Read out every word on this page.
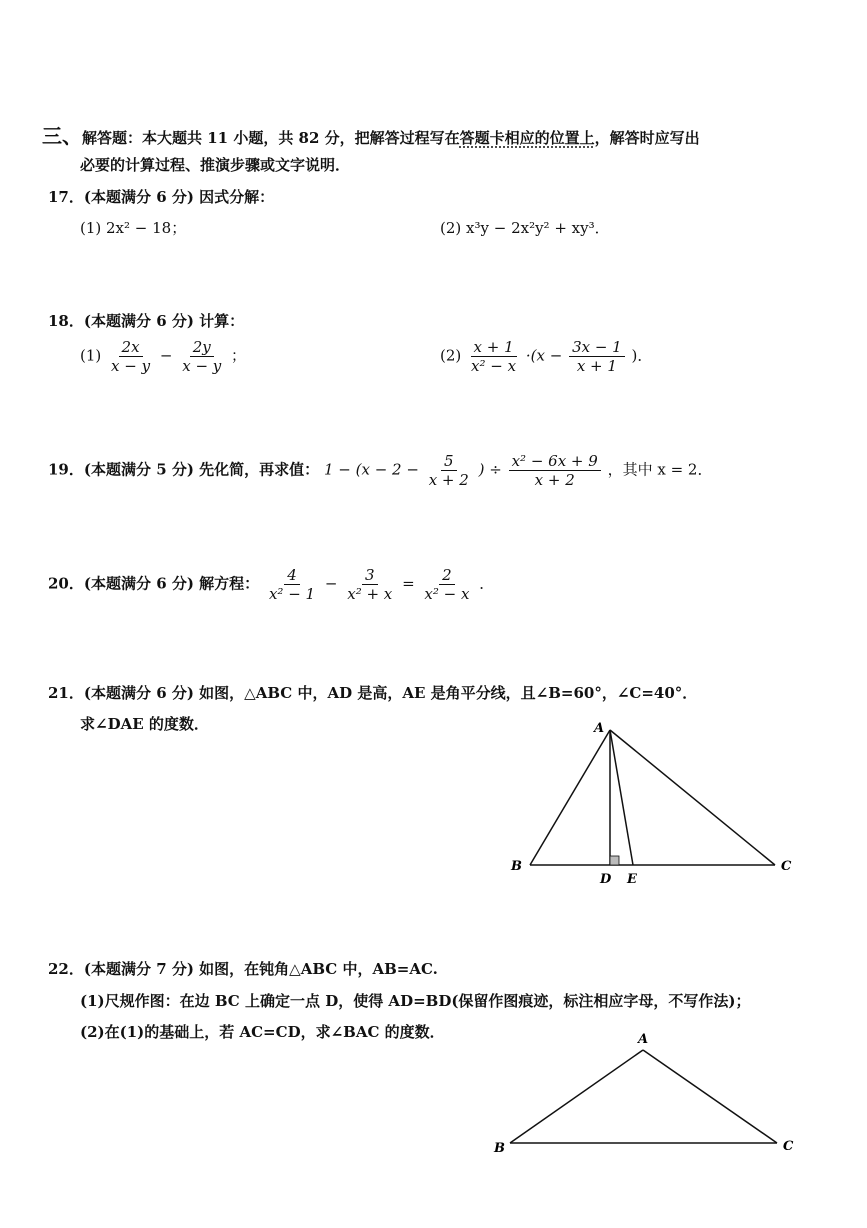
三、解答题：本大题共 11 小题，共 82 分，把解答过程写在答题卡相应的位置上，解答时应写出
必要的计算过程、推演步骤或文字说明．
17．(本题满分 6 分) 因式分解：
(1) 2x² − 18；	(2) x³y − 2x²y² + xy³．
18．(本题满分 6 分) 计算：
$(1) \frac{2x}{x - y} - \frac{2y}{x - y}$ ；	$(2) \frac{x + 1}{\text{x² − x}} \cdot(x - \frac{3x - 1}{x + 1}$ )．
19．(本题满分 5 分) 先化简，再求值： $1 - (x - 2 - \frac{5}{x + 2}$ ) ÷ $\frac{\text{x² − 6x + 9}}{x + 2}$ ，其中 x = 2．
20．(本题满分 6 分) 解方程： $\frac{4}{\text{x² − 1}} - \frac{3}{\text{x² + x}} = \frac{2}{\text{x² − x}}$ ．
21．(本题满分 6 分) 如图，△ABC 中，AD 是高，AE 是角平分线，且∠B=60°，∠C=40°．
求∠DAE 的度数．	A
B	C
D E
22．(本题满分 7 分) 如图，在钝角△ABC 中，AB=AC.
(1)尺规作图：在边 BC 上确定一点 D，使得 AD=BD(保留作图痕迹，标注相应字母，不写作法)；
(2)在(1)的基础上，若 AC=CD，求∠BAC 的度数．	A
B	C
